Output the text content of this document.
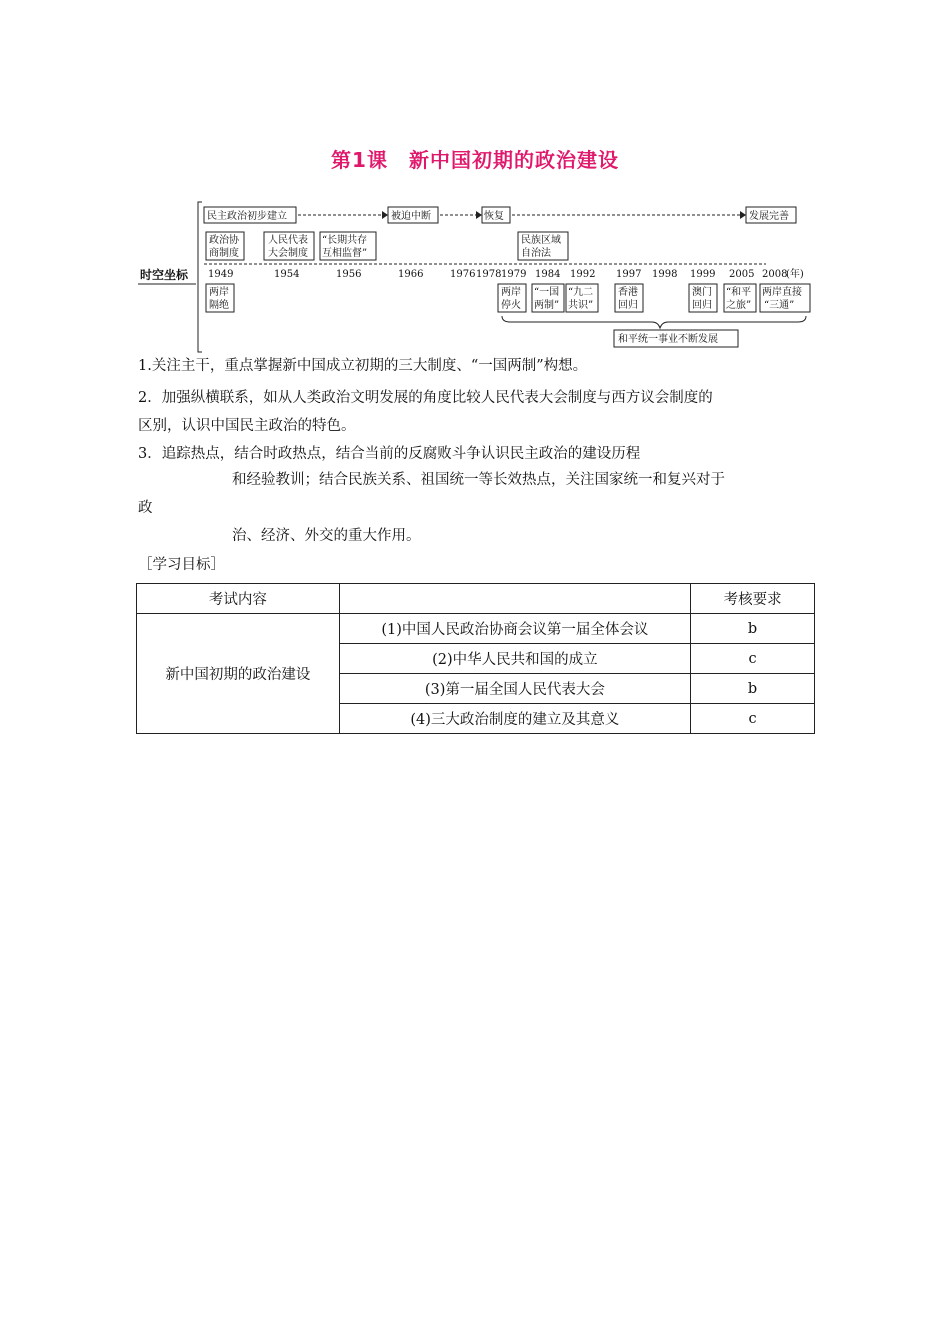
第1课　新中国初期的政治建设
时空坐标
民主政治初步建立	被迫中断	恢复	发展完善
政治协
商制度
人民代表
大会制度
“长期共存
互相监督”
民族区域
自治法
1949	1954	1956	1966	1976 1978 1979 1984 1992 1997 1998 1999 2005 2008
(年)
两岸
隔绝
两岸
停火
“一国
两制”
“九二
共识”
香港
回归
澳门
回归
“和平
之旅”
两岸直接
“三通”
和平统一事业不断发展
1.关注主干，重点掌握新中国成立初期的三大制度、“一国两制”构想。
2．加强纵横联系，如从人类政治文明发展的角度比较人民代表大会制度与西方议会制度的
区别，认识中国民主政治的特色。
3．追踪热点，结合时政热点，结合当前的反腐败斗争认识民主政治的建设历程
和经验教训；结合民族关系、祖国统一等长效热点，关注国家统一和复兴对于
政
治、经济、外交的重大作用。
［学习目标］
考试内容		考核要求
新中国初期的政治建设	(1)中国人民政治协商会议第一届全体会议	b
	(2)中华人民共和国的成立	c
	(3)第一届全国人民代表大会	b
	(4)三大政治制度的建立及其意义	c
